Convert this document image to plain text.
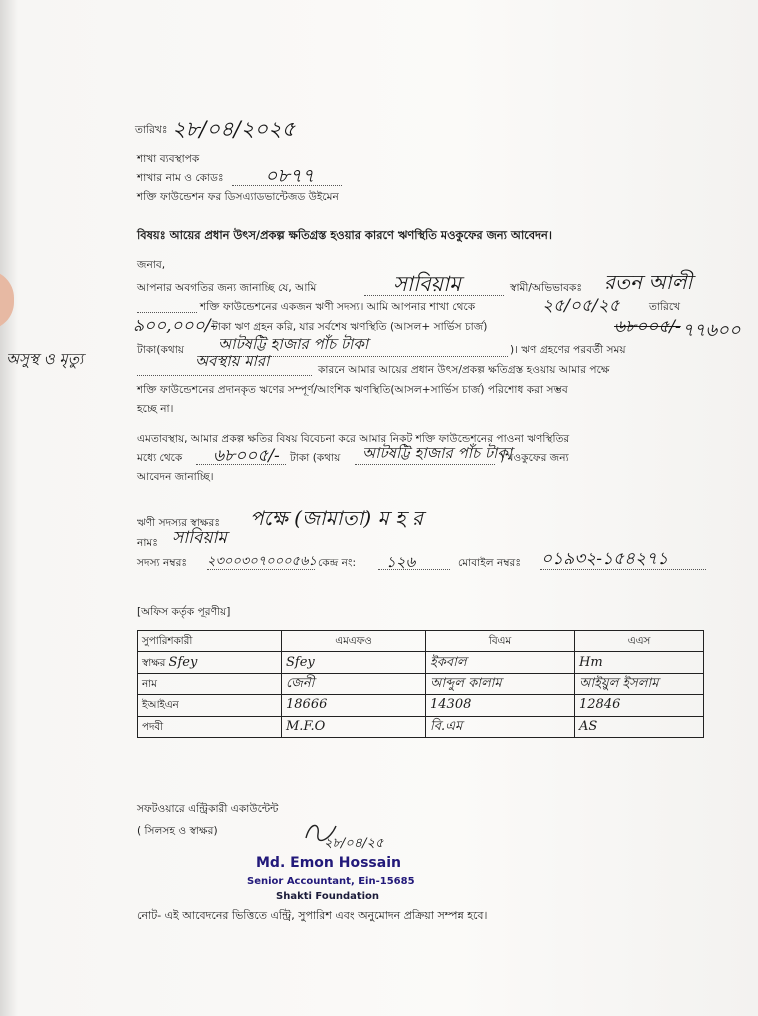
তারিখঃ ২৮/০৪/২০২৫
শাখা ব্যবস্থাপক
শাখার নাম ও কোডঃ ০৮৭৭
শক্তি ফাউন্ডেশন ফর ডিসএ্যাডভান্টেজড উইমেন
বিষয়ঃ আয়ের প্রধান উৎস/প্রকল্প ক্ষতিগ্রস্ত হওয়ার কারণে ঋণস্থিতি মওকুফের জন্য আবেদন।
জনাব,
আপনার অবগতির জন্য জানাচ্ছি যে, আমি	সাবিয়াম	স্বামী/অভিভাবকঃ রতন আলী
শক্তি ফাউন্ডেশনের একজন ঋণী সদস্য। আমি আপনার শাখা থেকে	২৫/০৫/২৫	তারিখে
৯০০,০০০/-
টাকা ঋণ গ্রহন করি, যার সর্বশেষ ঋণস্থিতি (আসল+ সার্ভিস চার্জ)	৬৮০০৫/- ৭৭৬০০
টাকা(কথায় আটষট্টি হাজার পাঁচ টাকা	)। ঋণ গ্রহণের পরবর্তী সময়
অসুস্থ ও মৃত্যু	অবস্থায় মারা	কারনে আমার আয়ের প্রধান উৎস/প্রকল্প ক্ষতিগ্রস্ত হওয়ায় আমার পক্ষে
শক্তি ফাউন্ডেশনের প্রদানকৃত ঋণের সম্পূর্ণ/আংশিক ঋণস্থিতি(আসল+সার্ভিস চার্জ) পরিশোধ করা সম্ভব
হচ্ছে না।
এমতাবস্থায়, আমার প্রকল্প ক্ষতির বিষয় বিবেচনা করে আমার নিকট শক্তি ফাউন্ডেশনের পাওনা ঋণস্থিতির
মধ্যে থেকে ৬৮০০৫/- টাকা (কথায় আটষট্টি হাজার পাঁচ টাকা
) মওকুফের জন্য
আবেদন জানাচ্ছি।
ঋণী সদস্যর স্বাক্ষরঃ পক্ষে (জামাতা) ম হ র
নামঃ সাবিয়াম
সদস্য নম্বরঃ ২৩০০৩০৭০০০৫৬১ কেন্দ্র নং: ১২৬	মোবাইল নম্বরঃ ০১৯৩২-১৫৪২৭১
[অফিস কর্তৃক পূরণীয়]
সুপারিশকারী	এমএফও	বিএম	এএস
স্বাক্ষর Sfey	Sfey	ইকবাল	Hm
নাম	জেনী	আব্দুল কালাম	আইয়ুল ইসলাম
ইআইএন	18666	14308	12846
পদবী	M.F.O	বি.এম	AS
সফটওয়ারে এন্ট্রিকারী একাউন্টেন্ট
( সিলসহ ও স্বাক্ষর)
২৮/০৪/২৫
Md. Emon Hossain
Senior Accountant, Ein-15685
Shakti Foundation
নোট- এই আবেদনের ভিত্তিতে এন্ট্রি, সুপারিশ এবং অনুমোদন প্রক্রিয়া সম্পন্ন হবে।
